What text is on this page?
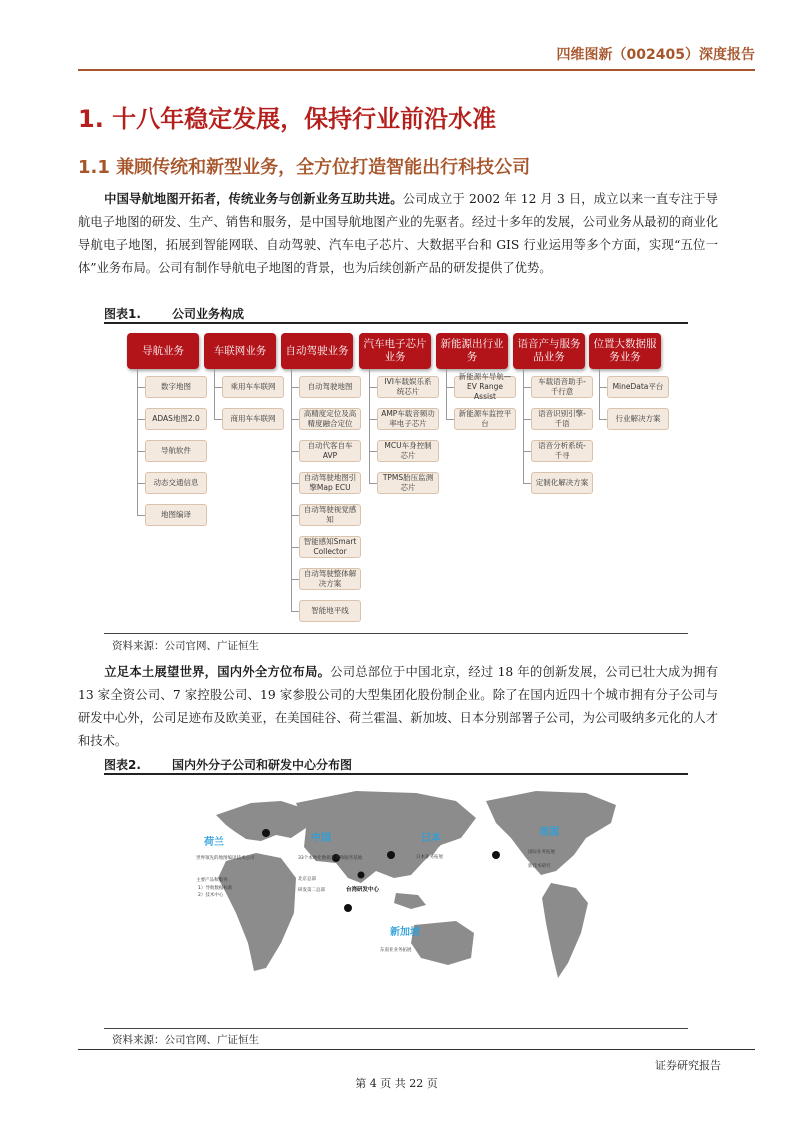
四维图新（002405）深度报告
1. 十八年稳定发展，保持行业前沿水准
1.1 兼顾传统和新型业务，全方位打造智能出行科技公司
中国导航地图开拓者，传统业务与创新业务互助共进。公司成立于 2002 年 12 月 3 日，成立以来一直专注于导航电子地图的研发、生产、销售和服务，是中国导航地图产业的先驱者。经过十多年的发展，公司业务从最初的商业化导航电子地图，拓展到智能网联、自动驾驶、汽车电子芯片、大数据平台和 GIS 行业运用等多个方面，实现“五位一体”业务布局。公司有制作导航电子地图的背景，也为后续创新产品的研发提供了优势。
图表1.	公司业务构成
导航业务
数字地图
ADAS地图2.0
导航软件
动态交通信息
地图编译
车联网业务
乘用车车联网
商用车车联网
自动驾驶业务
自动驾驶地图
高精度定位及高精度融合定位
自动代客自车AVP
自动驾驶地图引擎Map ECU
自动驾驶视觉感知
智能感知Smart Collector
自动驾驶整体解决方案
智能地平线
汽车电子芯片业务
IVI车载娱乐系统芯片
AMP车载音频功率电子芯片
MCU车身控制芯片
TPMS胎压监测芯片
新能源出行业务
新能源车导航—EV Range Assist
新能源车监控平台
语音产与服务品业务
车载语音助手-千行意
语音识别引擎-千语
语音分析系统-千寻
定制化解决方案
位置大数据服务业务
MineData平台
行业解决方案
资料来源：公司官网、广证恒生
立足本土展望世界，国内外全方位布局。公司总部位于中国北京，经过 18 年的创新发展，公司已壮大成为拥有 13 家全资公司、7 家控股公司、19 家参股公司的大型集团化股份制企业。除了在国内近四十个城市拥有分子公司与研发中心外，公司足迹布及欧美亚，在美国硅谷、荷兰霍温、新加坡、日本分别部署子公司，为公司吸纳多元化的人才和技术。
图表2.	国内外分子公司和研发中心分布图
荷兰
世界领先的地图编译技术公司
主要产品和服务：
1）导航数据标准
2）技术中心
中国
33个本地化数据采集和服务基地
北京总部
研发第二总部	台湾研发中心
日本
日本业务拓展
美国
国际业务拓展
新技术研究
新加坡
东南亚业务拓展
资料来源：公司官网、广证恒生
证券研究报告
第 4 页 共 22 页
